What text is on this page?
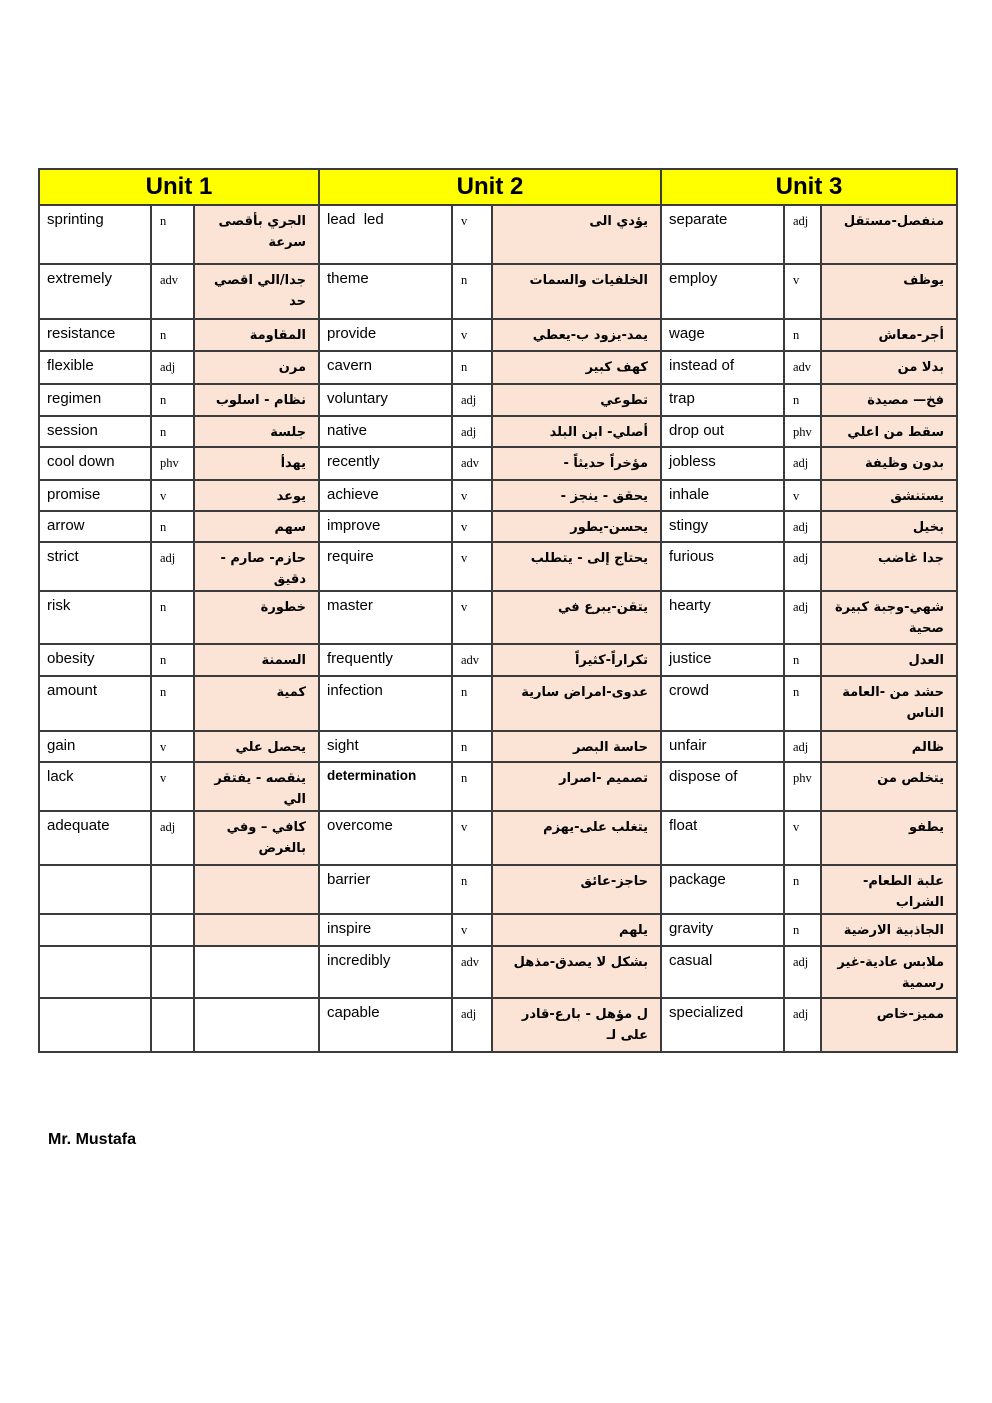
Unit 1			Unit 2			Unit 3		
sprinting	n	الجري بأقصى سرعة	lead  led	v	يؤدي الى	separate	adj	منفصل-مستقل
extremely	adv	جدا/الي اقصي حد	theme	n	الخلفيات والسمات	employ	v	يوظف
resistance	n	المقاومة	provide	v	يمد-يزود ب-يعطي	wage	n	أجر-معاش
flexible	adj	مرن	cavern	n	كهف كبير	instead of	adv	بدلا من
regimen	n	نظام - اسلوب	voluntary	adj	تطوعي	trap	n	فخ— مصيدة
session	n	جلسة	native	adj	أصلي- ابن البلد	drop out	phv	سقط من اعلي
cool down	phv	يهدأ	recently	adv	مؤخراً حديثاً -	jobless	adj	بدون وظيفة
promise	v	يوعد	achieve	v	يحقق - ينجز -	inhale	v	يستنشق
arrow	n	سهم	improve	v	يحسن-يطور	stingy	adj	بخيل
strict	adj	حازم- صارم - دقيق	require	v	يحتاج إلى - يتطلب	furious	adj	جدا غاضب
risk	n	خطورة	master	v	يتقن-يبرع في	hearty	adj	شهي-وجبة كبيرة صحية
obesity	n	السمنة	frequently	adv	تكراراً-كثيراً	justice	n	العدل
amount	n	كمية	infection	n	عدوى-امراض سارية	crowd	n	حشد من -العامة الناس
gain	v	يحصل علي	sight	n	حاسة البصر	unfair	adj	ظالم
lack	v	ينقصه - يفتقر الي	determination	n	تصميم -اصرار	dispose of	phv	يتخلص من
adequate	adj	كافي – وفي بالغرض	overcome	v	يتغلب على-يهزم	float	v	يطفو
			barrier	n	حاجز-عائق	package	n	علبة الطعام-الشراب
			inspire	v	يلهم	gravity	n	الجاذبية الارضية
			incredibly	adv	بشكل لا يصدق-مذهل	casual	adj	ملابس عادية-غير رسمية
			capable	adj	ل مؤهل - بارع-قادر على لـ	specialized	adj	مميز-خاص
Mr. Mustafa
